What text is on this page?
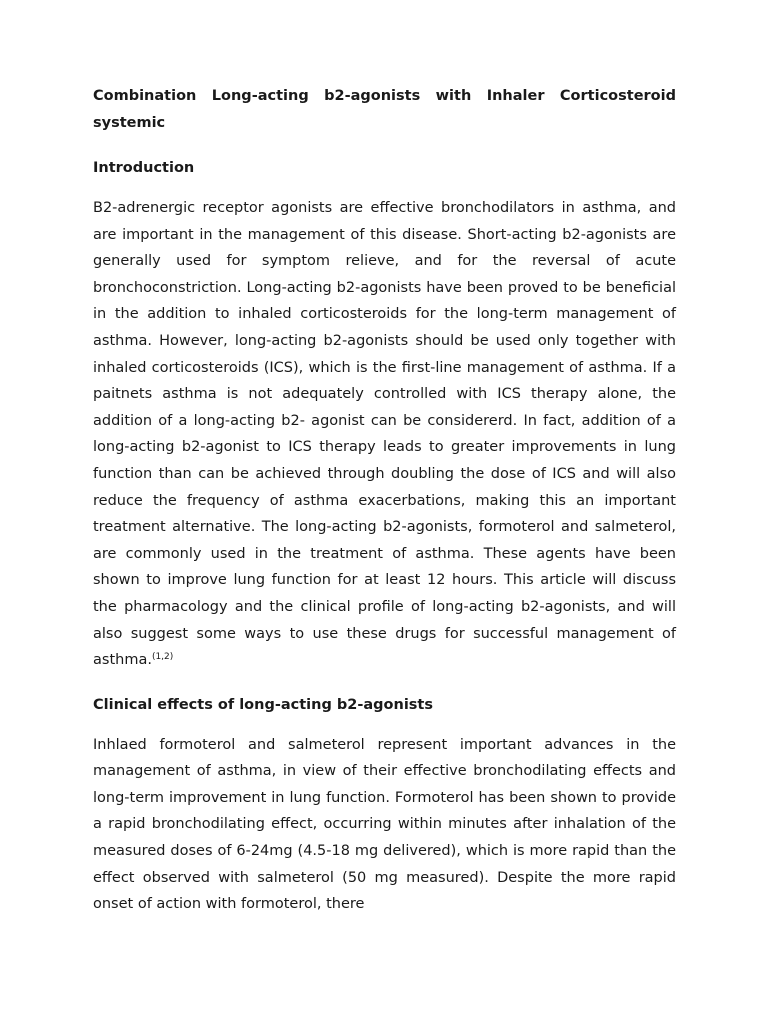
Combination Long-acting b2-agonists with Inhaler Corticosteroid systemic

Introduction

B2-adrenergic receptor agonists are effective bronchodilators in asthma, and are important in the management of this disease. Short-acting b2-agonists are generally used for symptom relieve, and for the reversal of acute bronchoconstriction. Long-acting b2-agonists have been proved to be beneficial in the addition to inhaled corticosteroids for the long-term management of asthma. However, long-acting b2-agonists should be used only together with inhaled corticosteroids (ICS), which is the first-line management of asthma. If a paitnets asthma is not adequately controlled with ICS therapy alone, the addition of a long-acting b2- agonist can be considererd. In fact, addition of a long-acting b2-agonist to ICS therapy leads to greater improvements in lung function than can be achieved through doubling the dose of ICS and will also reduce the frequency of asthma exacerbations, making this an important treatment alternative. The long-acting b2-agonists, formoterol and salmeterol, are commonly used in the treatment of asthma. These agents have been shown to improve lung function for at least 12 hours. This article will discuss the pharmacology and the clinical profile of long-acting b2-agonists, and will also suggest some ways to use these drugs for successful management of asthma.$^{(1,2)}$

Clinical effects of long-acting b2-agonists

Inhlaed formoterol and salmeterol represent important advances in the management of asthma, in view of their effective bronchodilating effects and long-term improvement in lung function. Formoterol has been shown to provide a rapid bronchodilating effect, occurring within minutes after inhalation of the measured doses of 6-24mg (4.5-18 mg delivered), which is more rapid than the effect observed with salmeterol (50 mg measured). Despite the more rapid onset of action with formoterol, there
